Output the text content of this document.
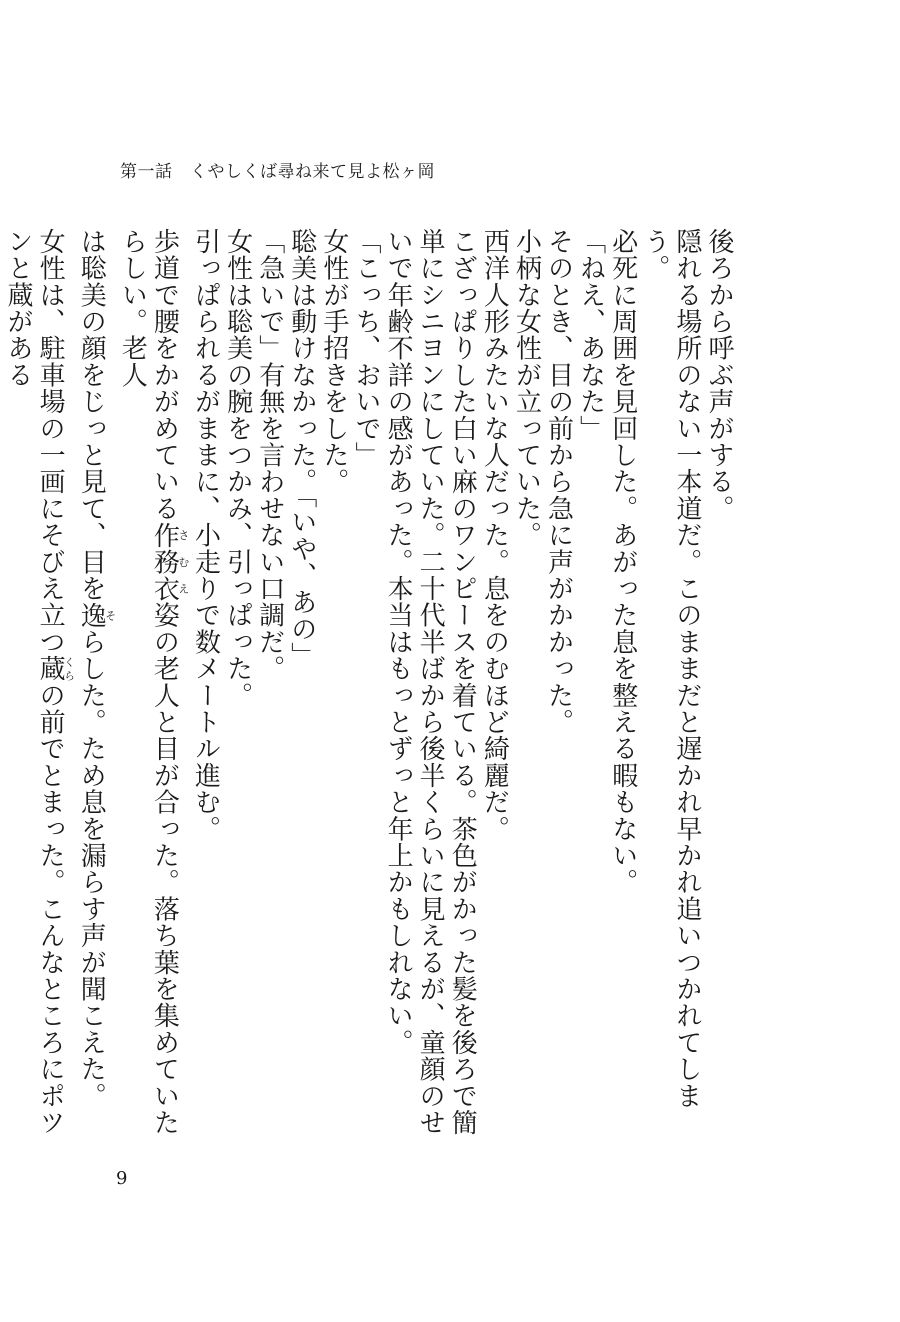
第一話　くやしくば尋ね来て見よ松ヶ岡

後ろから呼ぶ声がする。

隠れる場所のない一本道だ。このままだと遅かれ早かれ追いつかれてしまう。

必死に周囲を見回した。あがった息を整える暇もない。

「ねえ、あなた」

そのとき、目の前から急に声がかかった。

小柄な女性が立っていた。

西洋人形みたいな人だった。息をのむほど綺麗だ。

こざっぱりした白い麻のワンピースを着ている。茶色がかった髪を後ろで簡単にシニヨンにしていた。二十代半ばから後半くらいに見えるが、童顔のせいで年齢不詳の感があった。本当はもっとずっと年上かもしれない。

「こっち、おいで」

女性が手招きをした。

聡美は動けなかった。「いや、あの」

「急いで」有無を言わせない口調だ。

女性は聡美の腕をつかみ、引っぱった。

引っぱられるがままに、小走りで数メートル進む。

歩道で腰をかがめている作務衣さむえ姿の老人と目が合った。落ち葉を集めていたらしい。老人

は聡美の顔をじっと見て、目を逸そらした。ため息を漏らす声が聞こえた。

女性は、駐車場の一画にそびえ立つ蔵くらの前でとまった。こんなところにポツンと蔵がある

9
